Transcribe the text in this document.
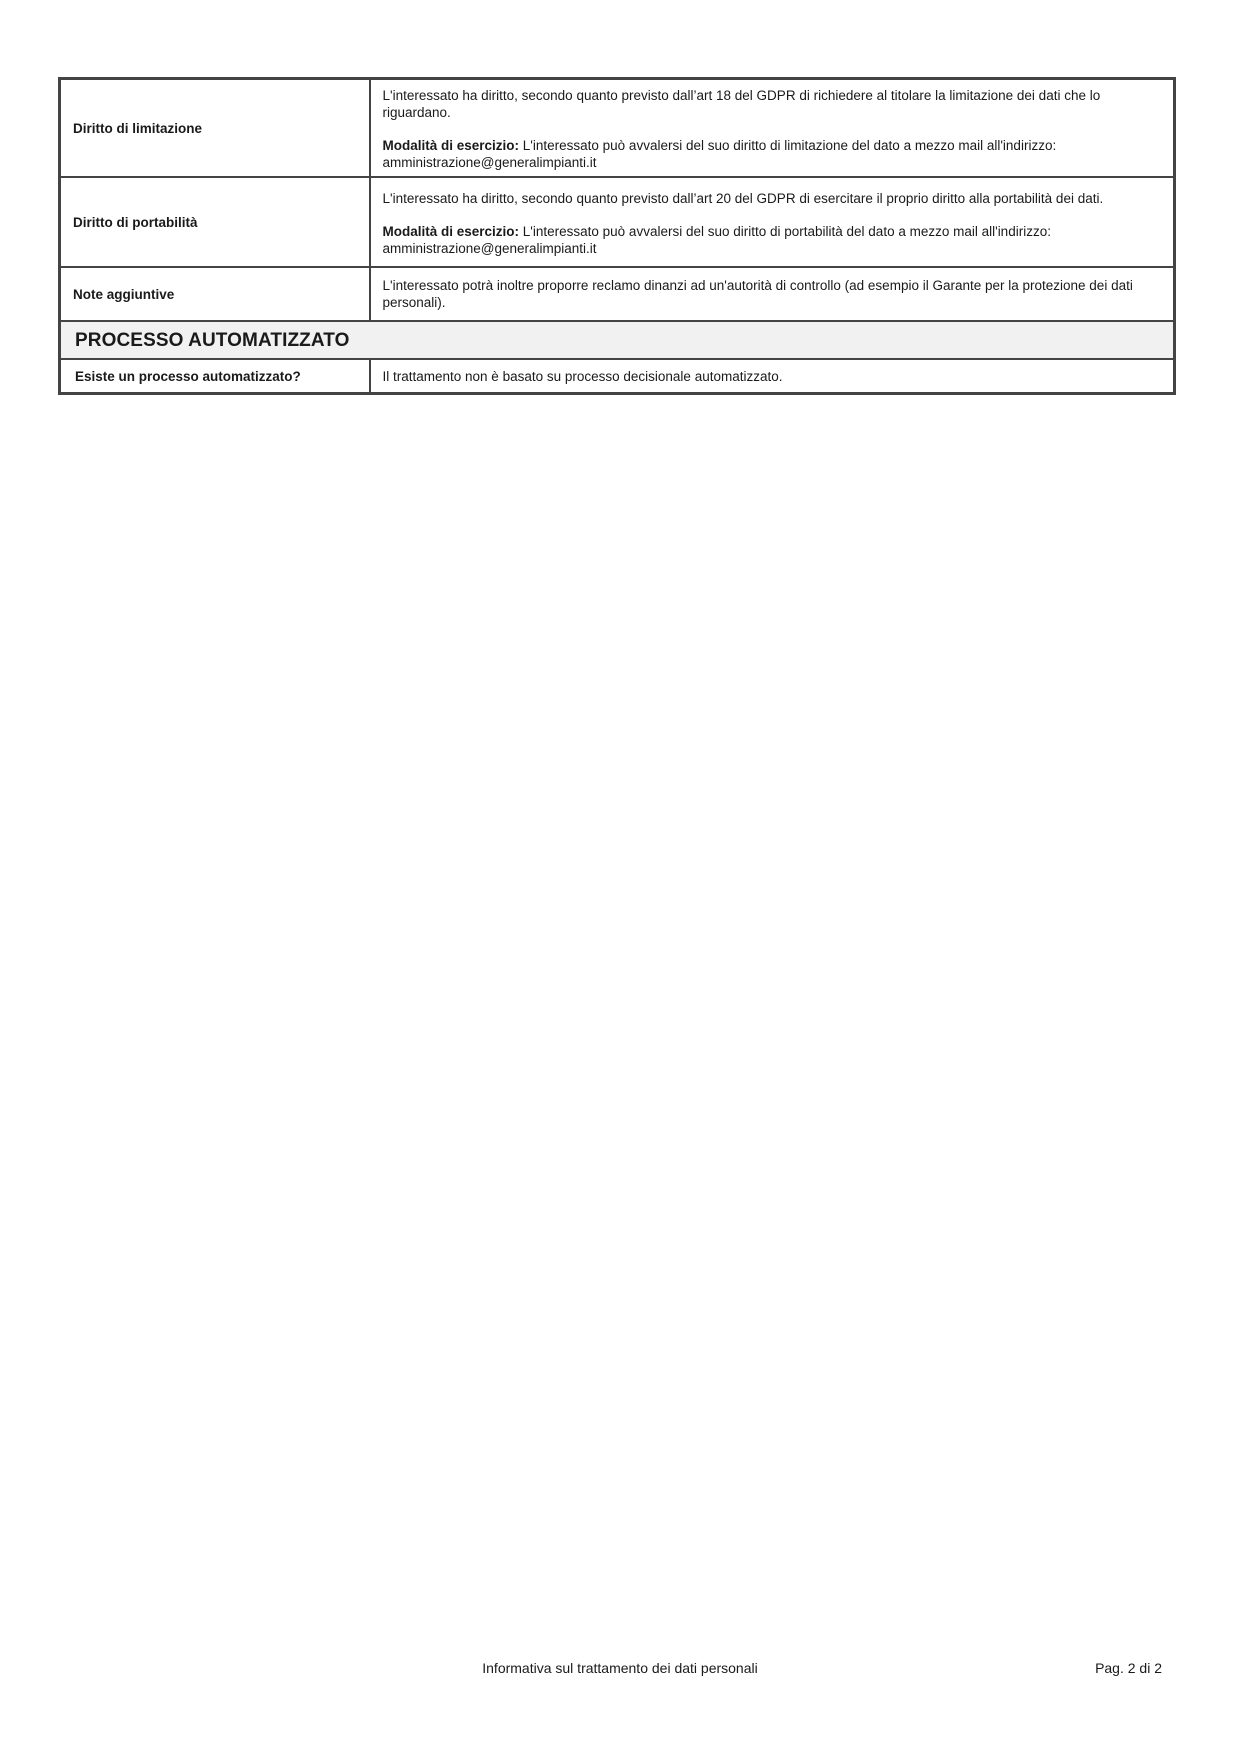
Diritto di limitazione	L'interessato ha diritto, secondo quanto previsto dall’art 18 del GDPR di richiedere al titolare la limitazione dei dati che lo riguardano.

Modalità di esercizio: L'interessato può avvalersi del suo diritto di limitazione del dato a mezzo mail all'indirizzo: amministrazione@generalimpianti.it

Diritto di portabilità	L'interessato ha diritto, secondo quanto previsto dall’art 20 del GDPR di esercitare il proprio diritto alla portabilità dei dati.

Modalità di esercizio: L'interessato può avvalersi del suo diritto di portabilità del dato a mezzo mail all'indirizzo: amministrazione@generalimpianti.it

Note aggiuntive	L'interessato potrà inoltre proporre reclamo dinanzi ad un'autorità di controllo (ad esempio il Garante per la protezione dei dati personali).

PROCESSO AUTOMATIZZATO	
Esiste un processo automatizzato?	Il trattamento non è basato su processo decisionale automatizzato.
Informativa sul trattamento dei dati personali	Pag. 2 di 2
